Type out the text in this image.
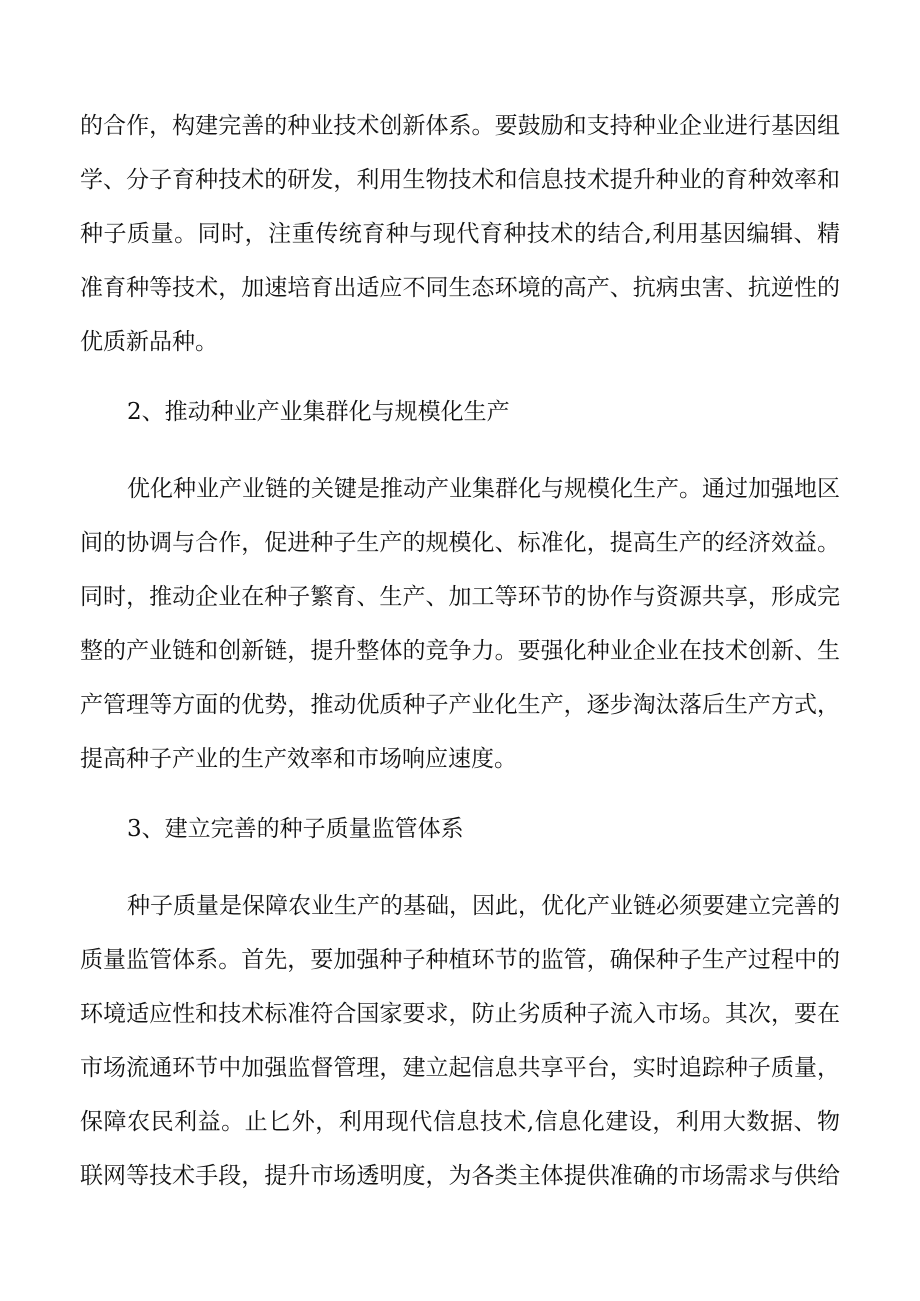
的合作，构建完善的种业技术创新体系。要鼓励和支持种业企业进行基因组
学、分子育种技术的研发，利用生物技术和信息技术提升种业的育种效率和
种子质量。同时，注重传统育种与现代育种技术的结合,利用基因编辑、精
准育种等技术，加速培育出适应不同生态环境的高产、抗病虫害、抗逆性的
优质新品种。
2、推动种业产业集群化与规模化生产
优化种业产业链的关键是推动产业集群化与规模化生产。通过加强地区
间的协调与合作，促进种子生产的规模化、标准化，提高生产的经济效益。
同时，推动企业在种子繁育、生产、加工等环节的协作与资源共享，形成完
整的产业链和创新链，提升整体的竞争力。要强化种业企业在技术创新、生
产管理等方面的优势，推动优质种子产业化生产，逐步淘汰落后生产方式，
提高种子产业的生产效率和市场响应速度。
3、建立完善的种子质量监管体系
种子质量是保障农业生产的基础，因此，优化产业链必须要建立完善的
质量监管体系。首先，要加强种子种植环节的监管，确保种子生产过程中的
环境适应性和技术标准符合国家要求，防止劣质种子流入市场。其次，要在
市场流通环节中加强监督管理，建立起信息共享平台，实时追踪种子质量，
保障农民利益。止匕外，利用现代信息技术,信息化建设，利用大数据、物
联网等技术手段，提升市场透明度，为各类主体提供准确的市场需求与供给
